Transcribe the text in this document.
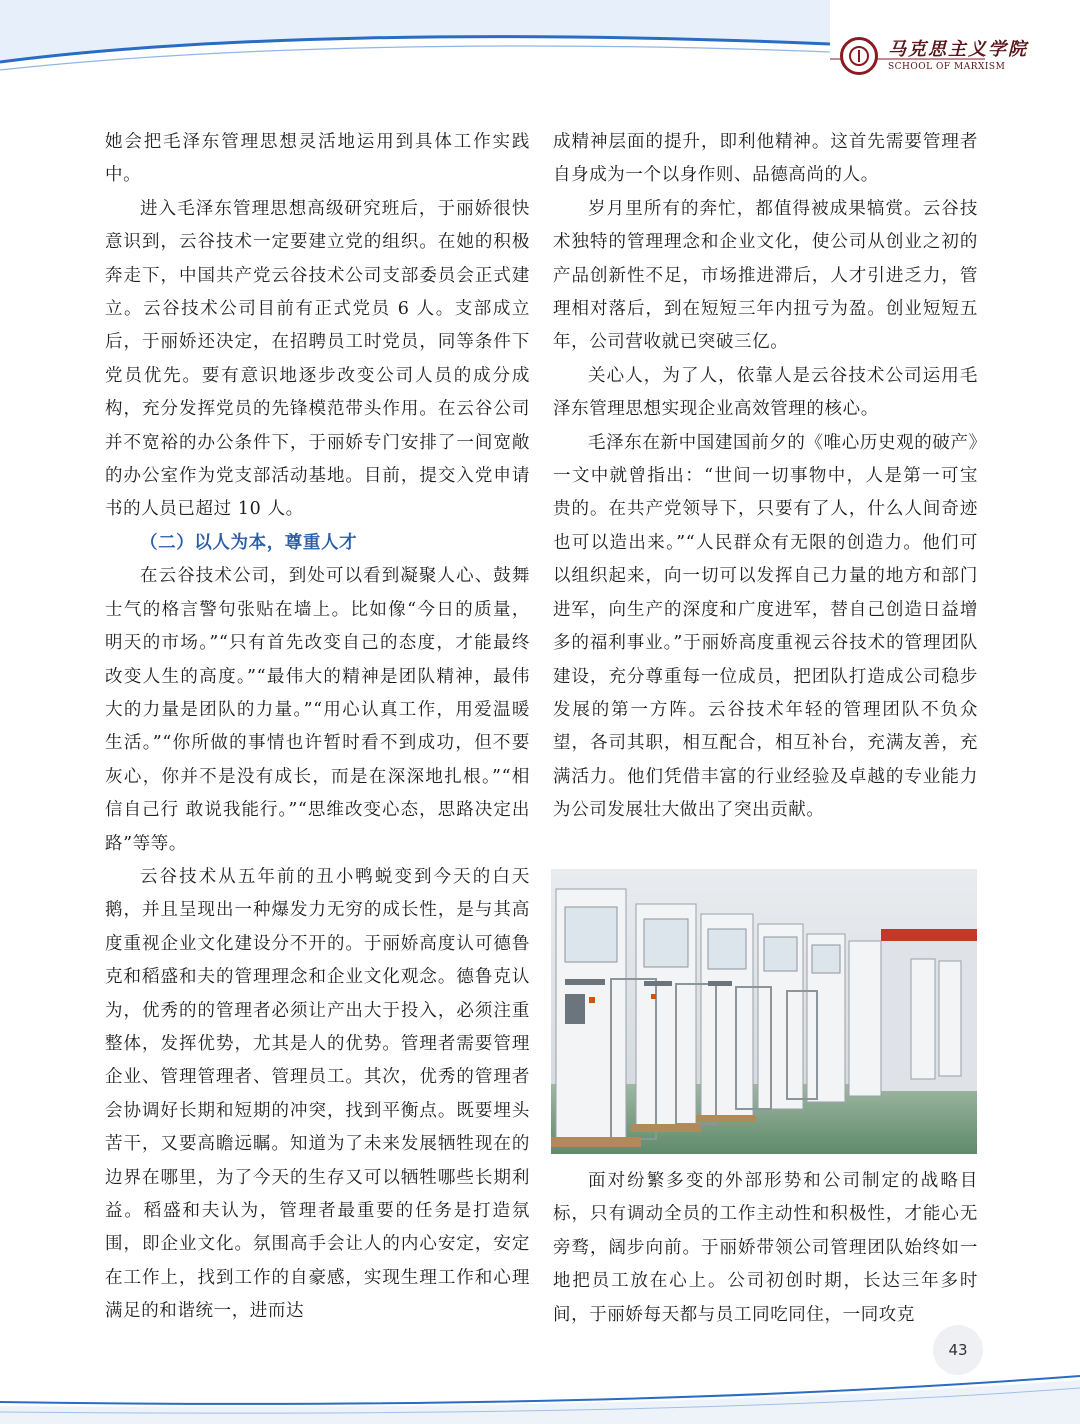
马克思主义学院
SCHOOL OF MARXISM

她会把毛泽东管理思想灵活地运用到具体工作实践中。

进入毛泽东管理思想高级研究班后，于丽娇很快意识到，云谷技术一定要建立党的组织。在她的积极奔走下，中国共产党云谷技术公司支部委员会正式建立。云谷技术公司目前有正式党员 6 人。支部成立后，于丽娇还决定，在招聘员工时党员，同等条件下党员优先。要有意识地逐步改变公司人员的成分成构，充分发挥党员的先锋模范带头作用。在云谷公司并不宽裕的办公条件下，于丽娇专门安排了一间宽敞的办公室作为党支部活动基地。目前，提交入党申请书的人员已超过 10 人。

（二）以人为本，尊重人才

在云谷技术公司，到处可以看到凝聚人心、鼓舞士气的格言警句张贴在墙上。比如像“今日的质量，明天的市场。”“只有首先改变自己的态度，才能最终改变人生的高度。”“最伟大的精神是团队精神，最伟大的力量是团队的力量。”“用心认真工作，用爱温暖生活。”“你所做的事情也许暂时看不到成功，但不要灰心，你并不是没有成长，而是在深深地扎根。”“相信自己行 敢说我能行。”“思维改变心态，思路决定出路”等等。

云谷技术从五年前的丑小鸭蜕变到今天的白天鹅，并且呈现出一种爆发力无穷的成长性，是与其高度重视企业文化建设分不开的。于丽娇高度认可德鲁克和稻盛和夫的管理理念和企业文化观念。德鲁克认为，优秀的的管理者必须让产出大于投入，必须注重整体，发挥优势，尤其是人的优势。管理者需要管理企业、管理管理者、管理员工。其次，优秀的管理者会协调好长期和短期的冲突，找到平衡点。既要埋头苦干，又要高瞻远瞩。知道为了未来发展牺牲现在的边界在哪里，为了今天的生存又可以牺牲哪些长期利益。稻盛和夫认为，管理者最重要的任务是打造氛围，即企业文化。氛围高手会让人的内心安定，安定在工作上，找到工作的自豪感，实现生理工作和心理满足的和谐统一，进而达

成精神层面的提升，即利他精神。这首先需要管理者自身成为一个以身作则、品德高尚的人。

岁月里所有的奔忙，都值得被成果犒赏。云谷技术独特的管理理念和企业文化，使公司从创业之初的产品创新性不足，市场推进滞后，人才引进乏力，管理相对落后，到在短短三年内扭亏为盈。创业短短五年，公司营收就已突破三亿。

关心人，为了人，依靠人是云谷技术公司运用毛泽东管理思想实现企业高效管理的核心。

毛泽东在新中国建国前夕的《唯心历史观的破产》一文中就曾指出：“世间一切事物中，人是第一可宝贵的。在共产党领导下，只要有了人，什么人间奇迹也可以造出来。”“人民群众有无限的创造力。他们可以组织起来，向一切可以发挥自己力量的地方和部门进军，向生产的深度和广度进军，替自己创造日益增多的福利事业。”于丽娇高度重视云谷技术的管理团队建设，充分尊重每一位成员，把团队打造成公司稳步发展的第一方阵。云谷技术年轻的管理团队不负众望，各司其职，相互配合，相互补台，充满友善，充满活力。他们凭借丰富的行业经验及卓越的专业能力为公司发展壮大做出了突出贡献。

面对纷繁多变的外部形势和公司制定的战略目标，只有调动全员的工作主动性和积极性，才能心无旁骛，阔步向前。于丽娇带领公司管理团队始终如一地把员工放在心上。公司初创时期，长达三年多时间，于丽娇每天都与员工同吃同住，一同攻克

43
